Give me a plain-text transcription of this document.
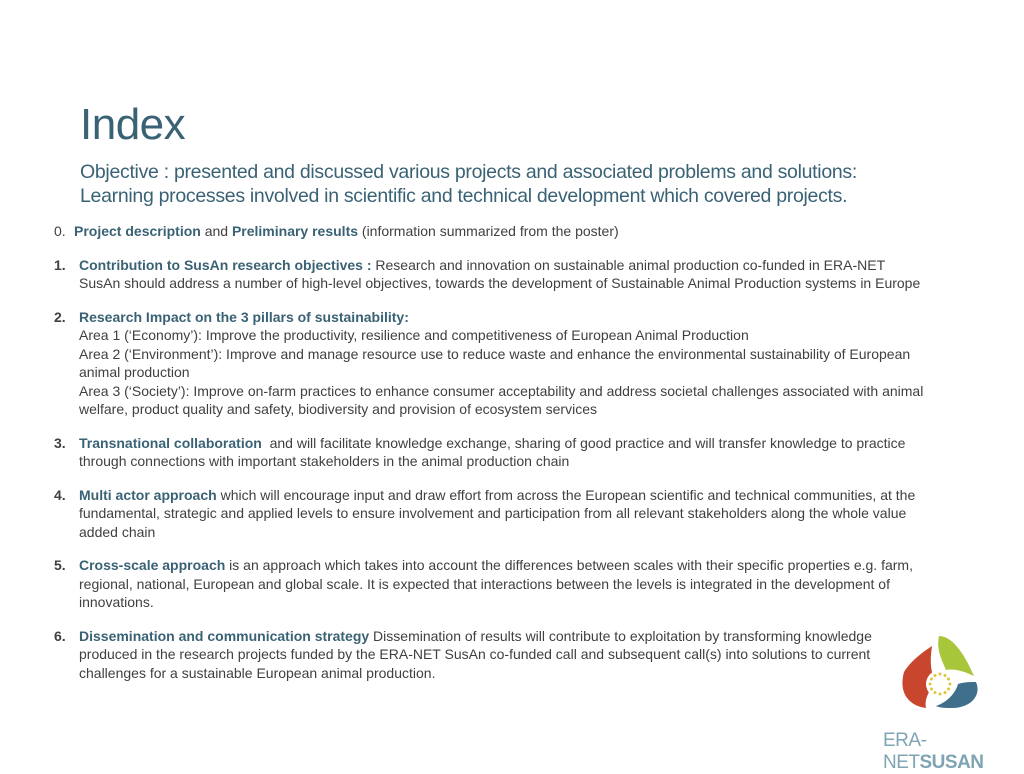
Index
Objective : presented and discussed various projects and associated problems and solutions:
Learning processes involved in scientific and technical development which covered projects.
0. Project description and Preliminary results (information summarized from the poster)
1. Contribution to SusAn research objectives : Research and innovation on sustainable animal production co-funded in ERA-NET SusAn should address a number of high-level objectives, towards the development of Sustainable Animal Production systems in Europe
2. Research Impact on the 3 pillars of sustainability:
Area 1 (‘Economy’): Improve the productivity, resilience and competitiveness of European Animal Production
Area 2 (‘Environment’): Improve and manage resource use to reduce waste and enhance the environmental sustainability of European animal production
Area 3 (‘Society’): Improve on-farm practices to enhance consumer acceptability and address societal challenges associated with animal welfare, product quality and safety, biodiversity and provision of ecosystem services
3. Transnational collaboration  and will facilitate knowledge exchange, sharing of good practice and will transfer knowledge to practice through connections with important stakeholders in the animal production chain
4. Multi actor approach which will encourage input and draw effort from across the European scientific and technical communities, at the fundamental, strategic and applied levels to ensure involvement and participation from all relevant stakeholders along the whole value added chain
5. Cross-scale approach is an approach which takes into account the differences between scales with their specific properties e.g. farm, regional, national, European and global scale. It is expected that interactions between the levels is integrated in the development of innovations.
6. Dissemination and communication strategy Dissemination of results will contribute to exploitation by transforming knowledge produced in the research projects funded by the ERA-NET SusAn co-funded call and subsequent call(s) into solutions to current challenges for a sustainable European animal production.
ERA-NETSUSAN
